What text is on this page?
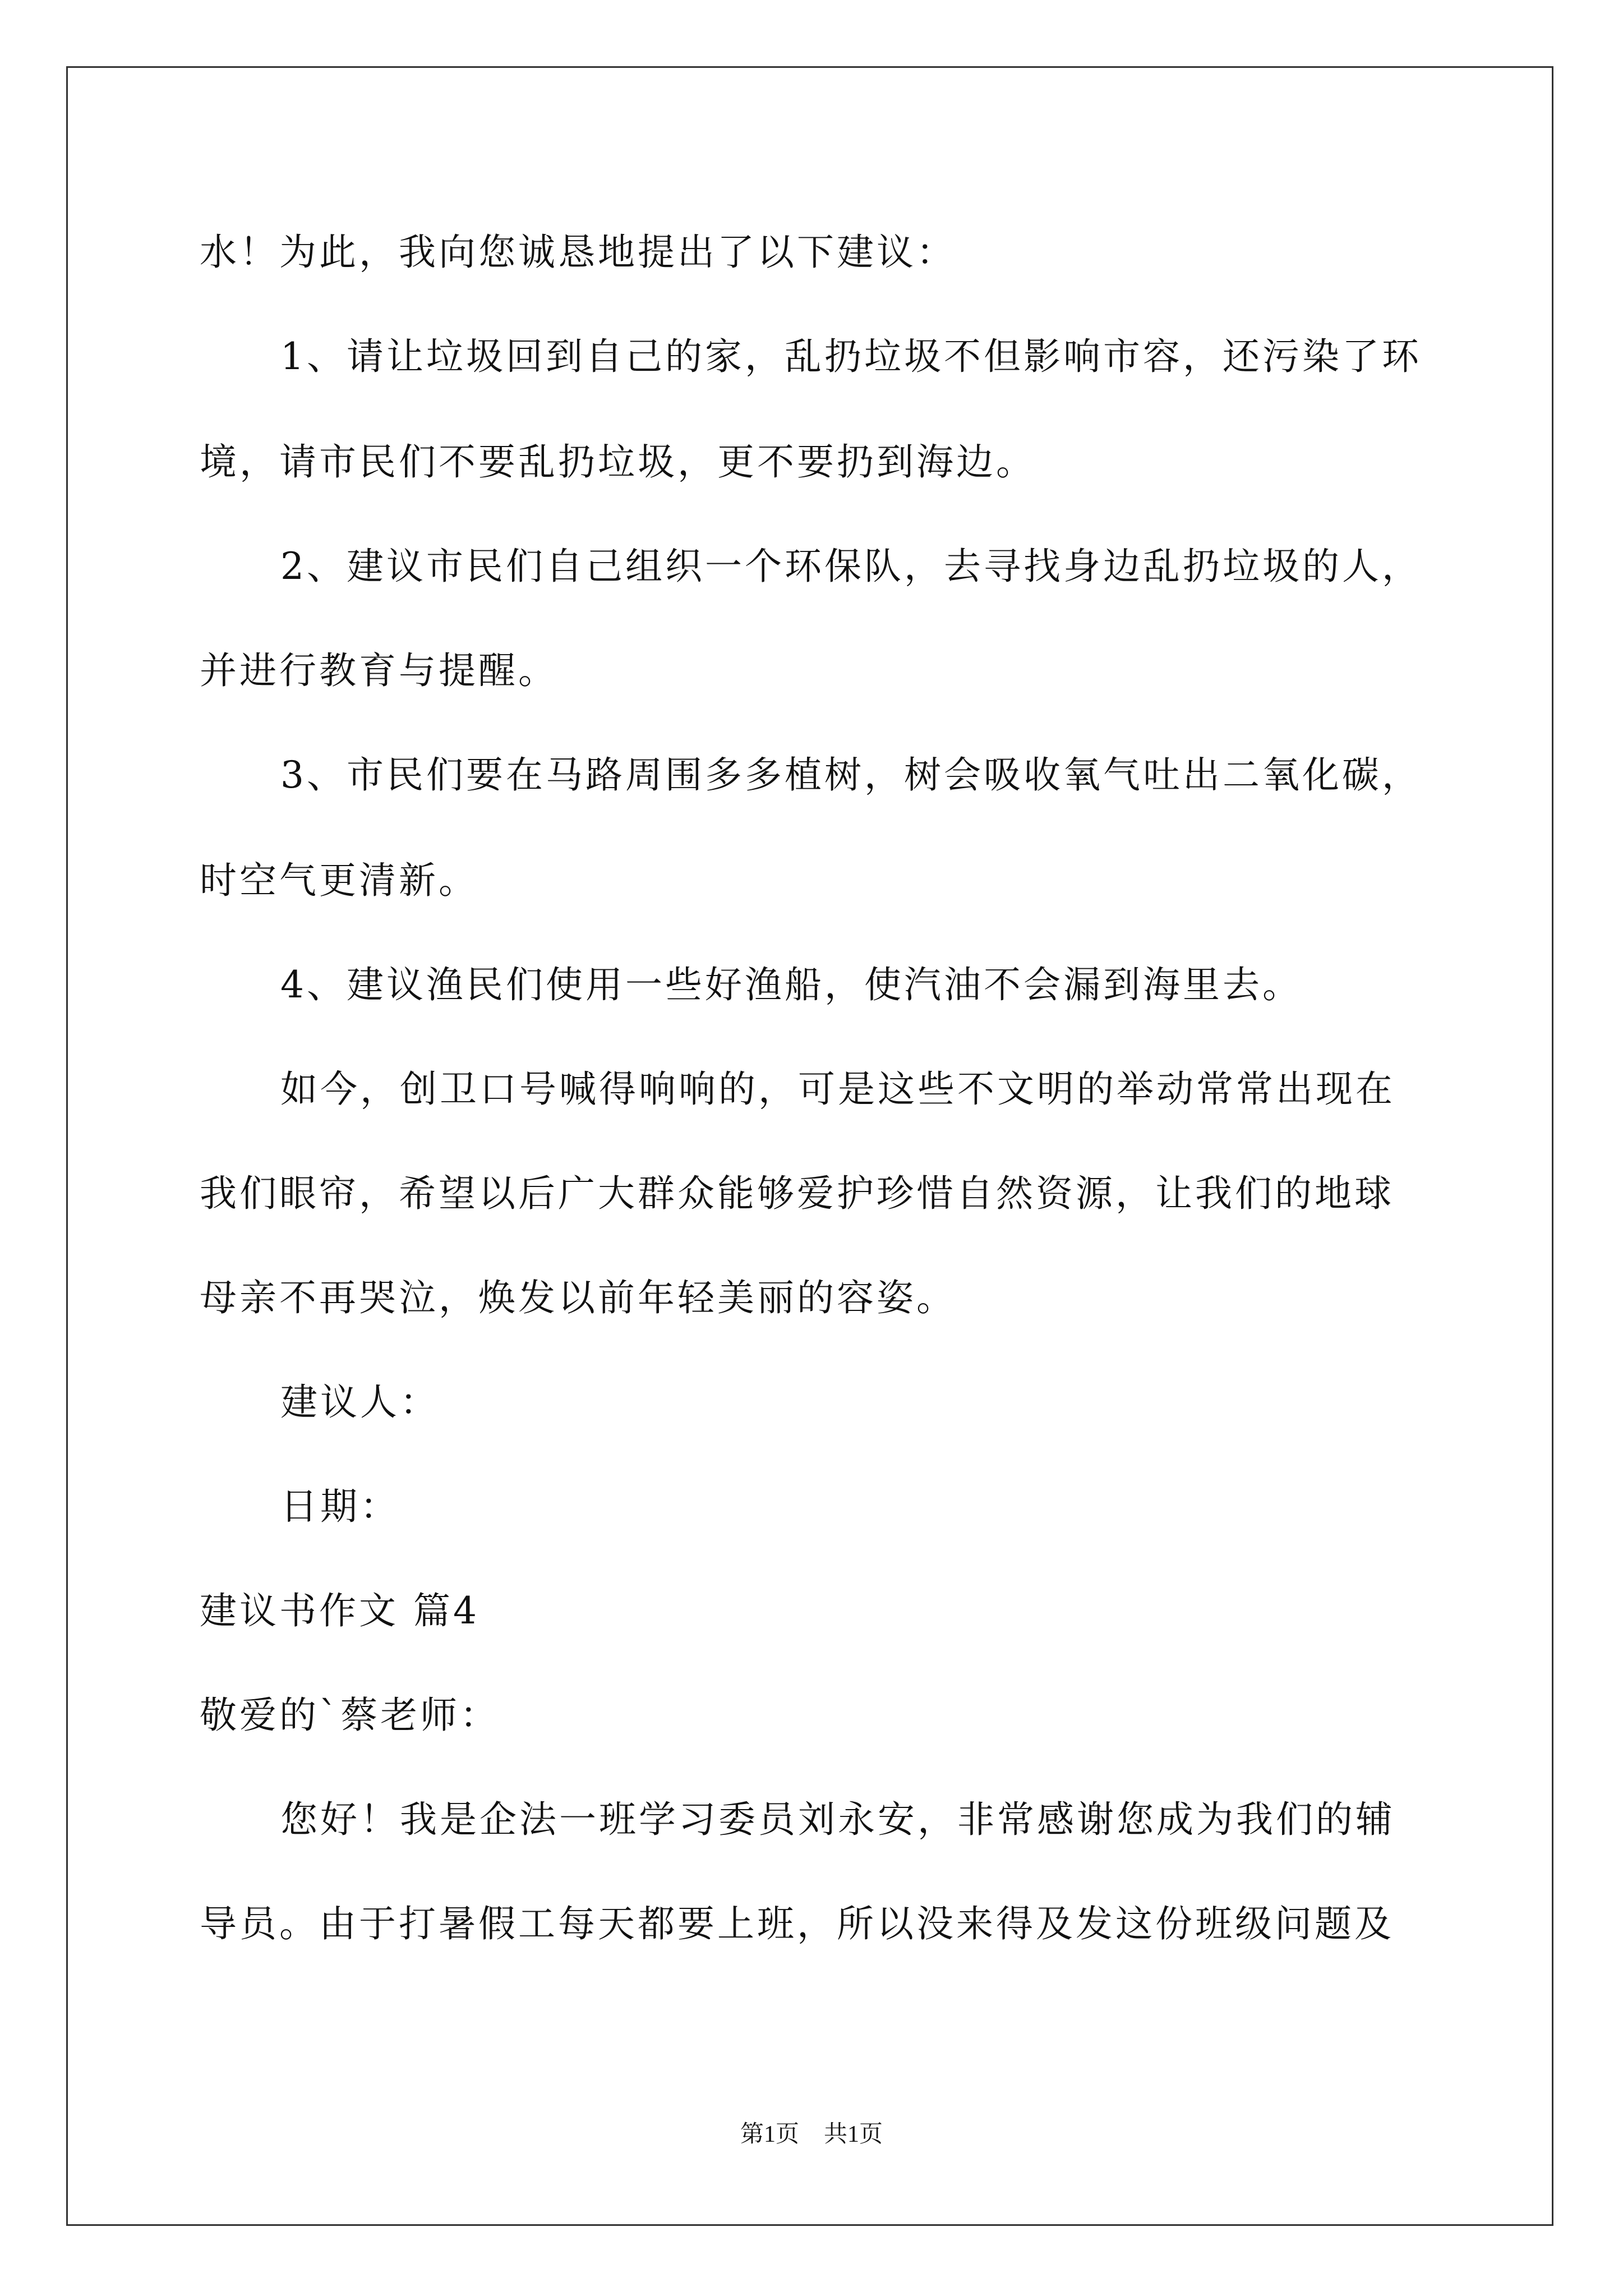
水！为此，我向您诚恳地提出了以下建议：
1、请让垃圾回到自己的家，乱扔垃圾不但影响市容，还污染了环
境，请市民们不要乱扔垃圾，更不要扔到海边。
2、建议市民们自己组织一个环保队，去寻找身边乱扔垃圾的人，
并进行教育与提醒。
3、市民们要在马路周围多多植树，树会吸收氧气吐出二氧化碳，
时空气更清新。
4、建议渔民们使用一些好渔船，使汽油不会漏到海里去。
如今，创卫口号喊得响响的，可是这些不文明的举动常常出现在
我们眼帘，希望以后广大群众能够爱护珍惜自然资源，让我们的地球
母亲不再哭泣，焕发以前年轻美丽的容姿。
建议人：
日期：
建议书作文 篇4
敬爱的`蔡老师：
您好！我是企法一班学习委员刘永安，非常感谢您成为我们的辅
导员。由于打暑假工每天都要上班，所以没来得及发这份班级问题及
第1页 共1页
